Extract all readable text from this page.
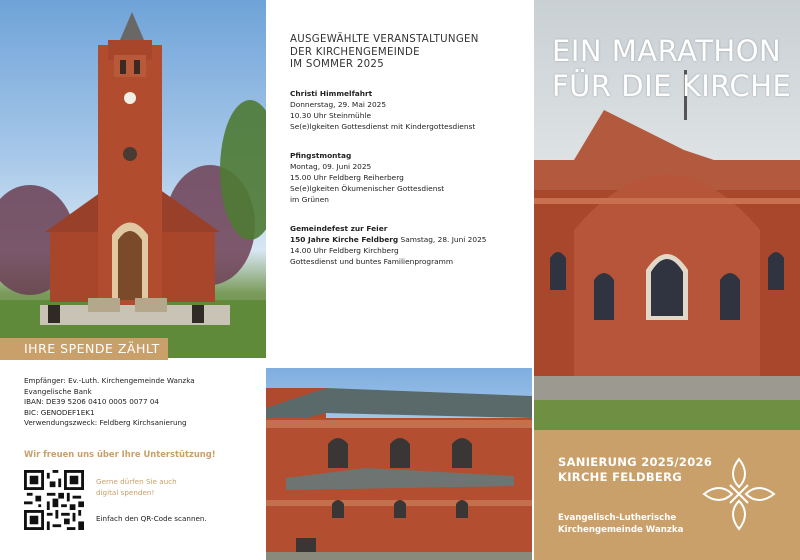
IHRE SPENDE ZÄHLT
AUSGEWÄHLTE VERANSTALTUNGEN
DER KIRCHENGEMEINDE
IM SOMMER 2025
Christi Himmelfahrt
Donnerstag, 29. Mai 2025
10.30 Uhr Steinmühle
Se(e)lgkeiten Gottesdienst mit Kindergottesdienst
Pfingstmontag
Montag, 09. Juni 2025
15.00 Uhr Feldberg Reiherberg
Se(e)lgkeiten Ökumenischer Gottesdienst
im Grünen
Gemeindefest zur Feier
150 Jahre Kirche Feldberg Samstag, 28. Juni 2025
14.00 Uhr Feldberg Kirchberg
Gottesdienst und buntes Familienprogramm
Empfänger: Ev.-Luth. Kirchengemeinde Wanzka
Evangelische Bank
IBAN: DE39 5206 0410 0005 0077 04
BIC: GENODEF1EK1
Verwendungszweck: Feldberg Kirchsanierung
Wir freuen uns über Ihre Unterstützung!
Gerne dürfen Sie auch
digital spenden!
Einfach den QR-Code scannen.
EIN MARATHON
FÜR DIE KIRCHE
SANIERUNG 2025/2026
KIRCHE FELDBERG
Evangelisch-Lutherische
Kirchengemeinde Wanzka
